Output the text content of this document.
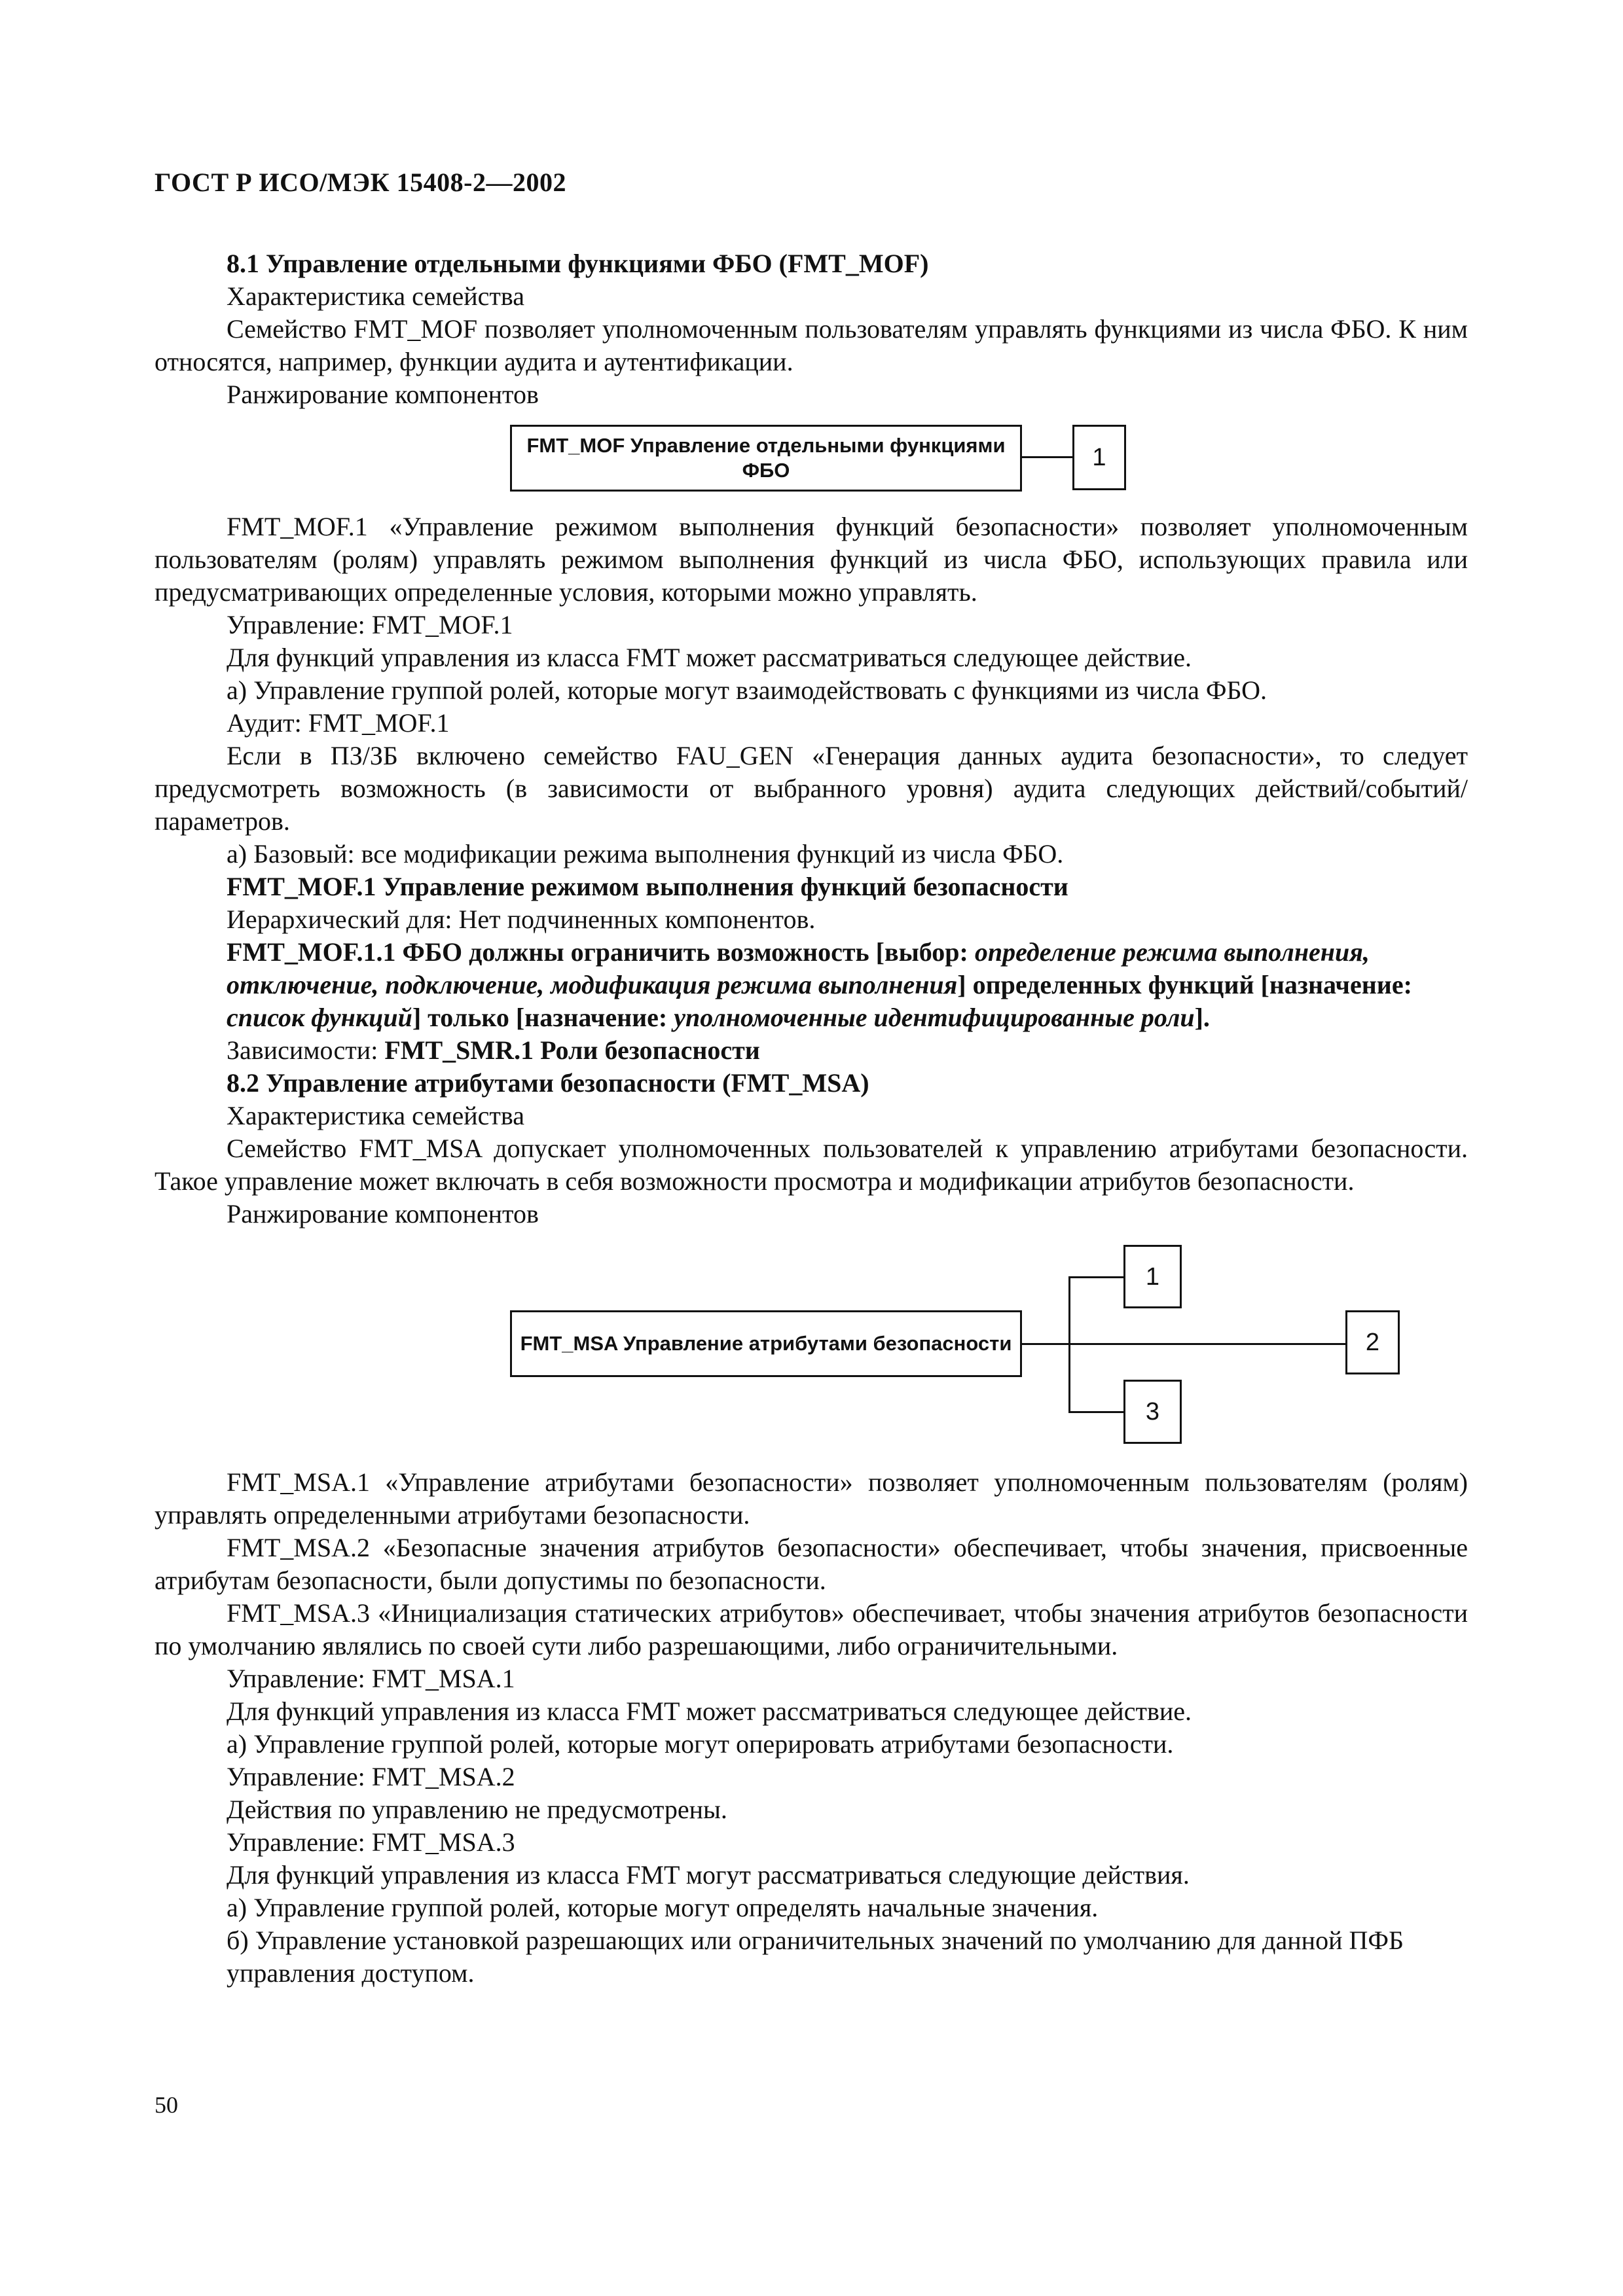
ГОСТ Р ИСО/МЭК 15408-2—2002

8.1 Управление отдельными функциями ФБО (FMT_MOF)

Характеристика семейства

Семейство FMT_MOF позволяет уполномоченным пользователям управлять функциями из числа ФБО. К ним относятся, например, функции аудита и аутентификации.

Ранжирование компонентов

FMT_MOF Управление отдельными функциями ФБО	1

FMT_MOF.1 «Управление режимом выполнения функций безопасности» позволяет уполномоченным пользователям (ролям) управлять режимом выполнения функций из числа ФБО, использующих правила или предусматривающих определенные условия, которыми можно управлять.

Управление: FMT_MOF.1

Для функций управления из класса FMT может рассматриваться следующее действие.

а) Управление группой ролей, которые могут взаимодействовать с функциями из числа ФБО.

Аудит: FMT_MOF.1

Если в ПЗ/ЗБ включено семейство FAU_GEN «Генерация данных аудита безопасности», то следует предусмотреть возможность (в зависимости от выбранного уровня) аудита следующих действий/событий/параметров.

а) Базовый: все модификации режима выполнения функций из числа ФБО.

FMT_MOF.1 Управление режимом выполнения функций безопасности

Иерархический для: Нет подчиненных компонентов.

FMT_MOF.1.1 ФБО должны ограничить возможность [выбор: определение режима выполнения, отключение, подключение, модификация режима выполнения] определенных функций [назначение: список функций] только [назначение: уполномоченные идентифицированные роли].

Зависимости: FMT_SMR.1 Роли безопасности

8.2 Управление атрибутами безопасности (FMT_MSA)

Характеристика семейства

Семейство FMT_MSA допускает уполномоченных пользователей к управлению атрибутами безопасности. Такое управление может включать в себя возможности просмотра и модификации атрибутов безопасности.

Ранжирование компонентов

FMT_MSA Управление атрибутами безопасности
1
2
3

FMT_MSA.1 «Управление атрибутами безопасности» позволяет уполномоченным пользователям (ролям) управлять определенными атрибутами безопасности.

FMT_MSA.2 «Безопасные значения атрибутов безопасности» обеспечивает, чтобы значения, присвоенные атрибутам безопасности, были допустимы по безопасности.

FMT_MSA.3 «Инициализация статических атрибутов» обеспечивает, чтобы значения атрибутов безопасности по умолчанию являлись по своей сути либо разрешающими, либо ограничительными.

Управление: FMT_MSA.1

Для функций управления из класса FMT может рассматриваться следующее действие.

а) Управление группой ролей, которые могут оперировать атрибутами безопасности.

Управление: FMT_MSA.2

Действия по управлению не предусмотрены.

Управление: FMT_MSA.3

Для функций управления из класса FMT могут рассматриваться следующие действия.

а) Управление группой ролей, которые могут определять начальные значения.

б) Управление установкой разрешающих или ограничительных значений по умолчанию для данной ПФБ управления доступом.

50
